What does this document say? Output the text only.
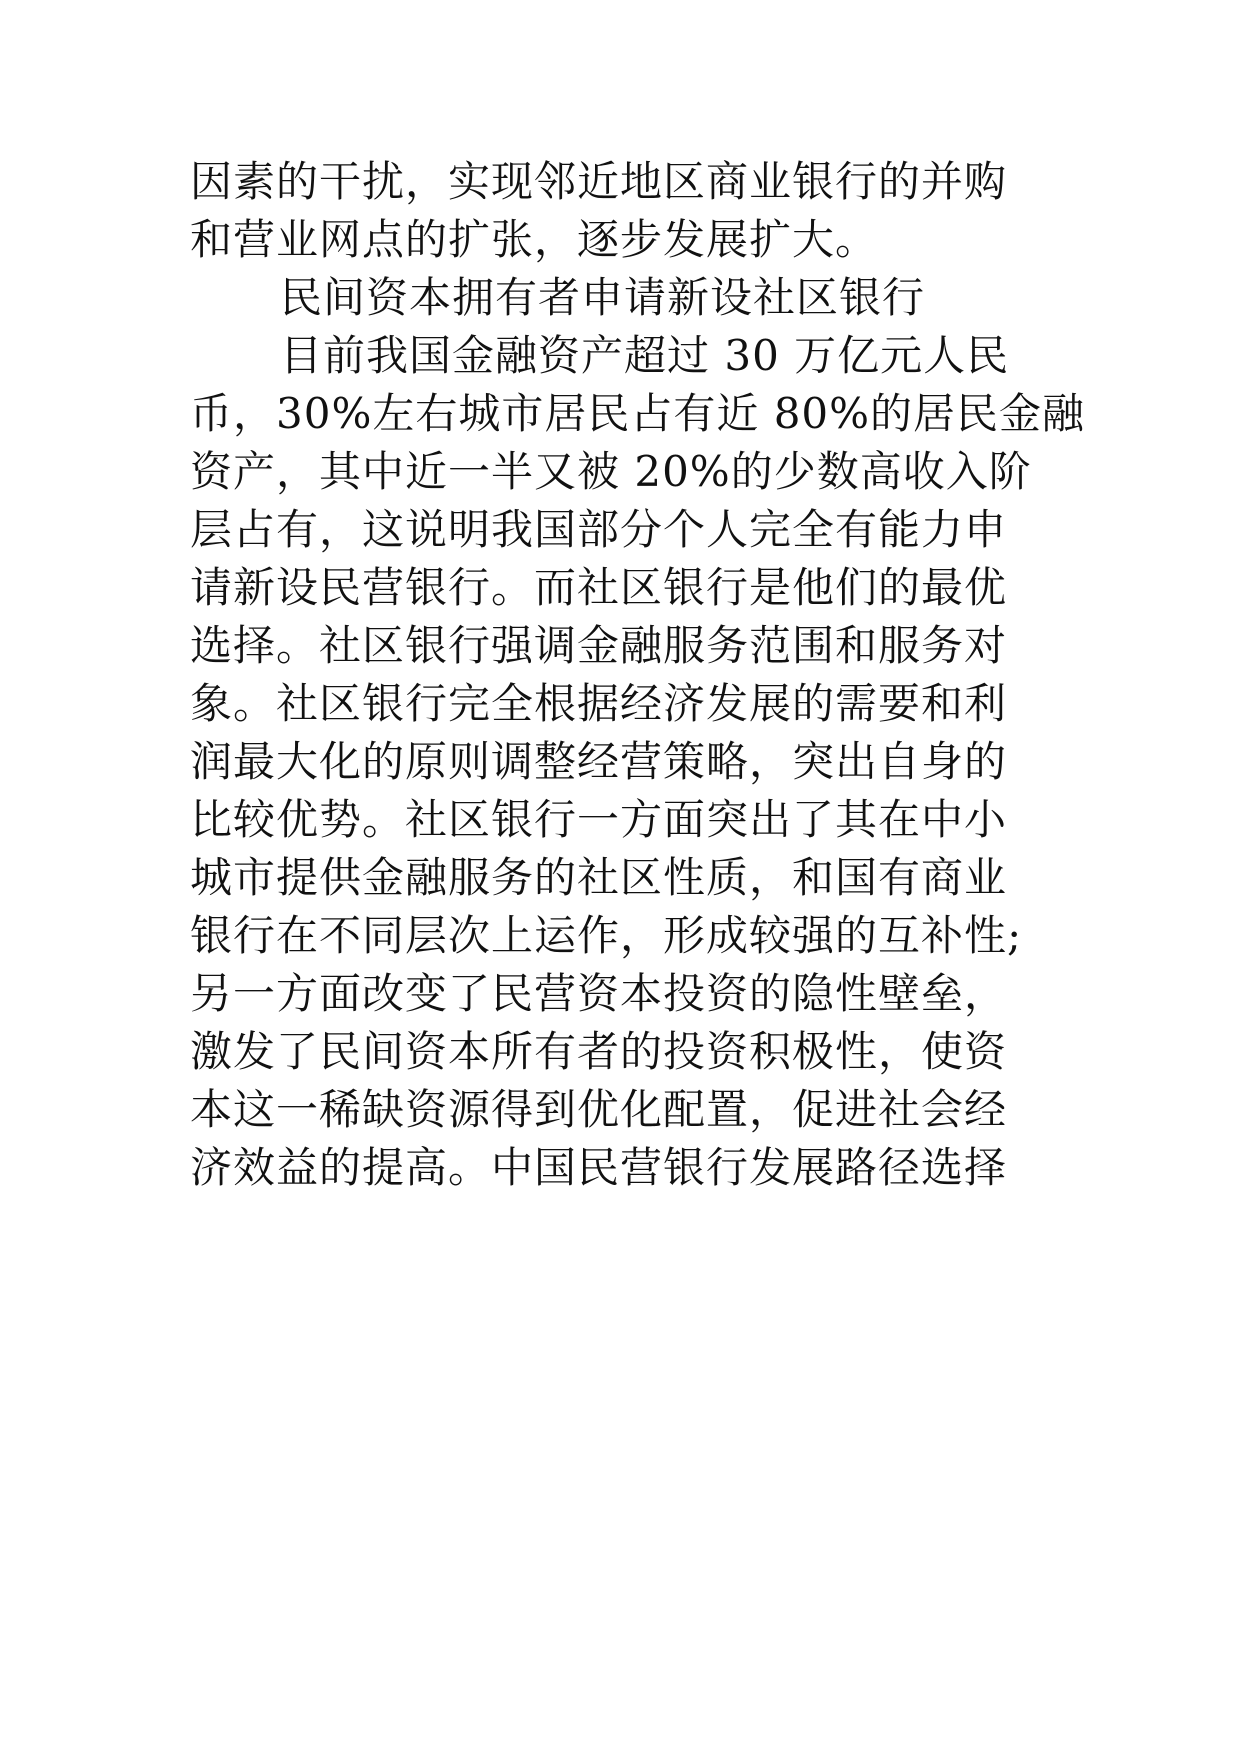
因素的干扰，实现邻近地区商业银行的并购
和营业网点的扩张，逐步发展扩大。
民间资本拥有者申请新设社区银行
目前我国金融资产超过 30 万亿元人民
币，30%左右城市居民占有近 80%的居民金融
资产，其中近一半又被 20%的少数高收入阶
层占有，这说明我国部分个人完全有能力申
请新设民营银行。而社区银行是他们的最优
选择。社区银行强调金融服务范围和服务对
象。社区银行完全根据经济发展的需要和利
润最大化的原则调整经营策略，突出自身的
比较优势。社区银行一方面突出了其在中小
城市提供金融服务的社区性质，和国有商业
银行在不同层次上运作，形成较强的互补性;
另一方面改变了民营资本投资的隐性壁垒，
激发了民间资本所有者的投资积极性，使资
本这一稀缺资源得到优化配置，促进社会经
济效益的提高。中国民营银行发展路径选择
